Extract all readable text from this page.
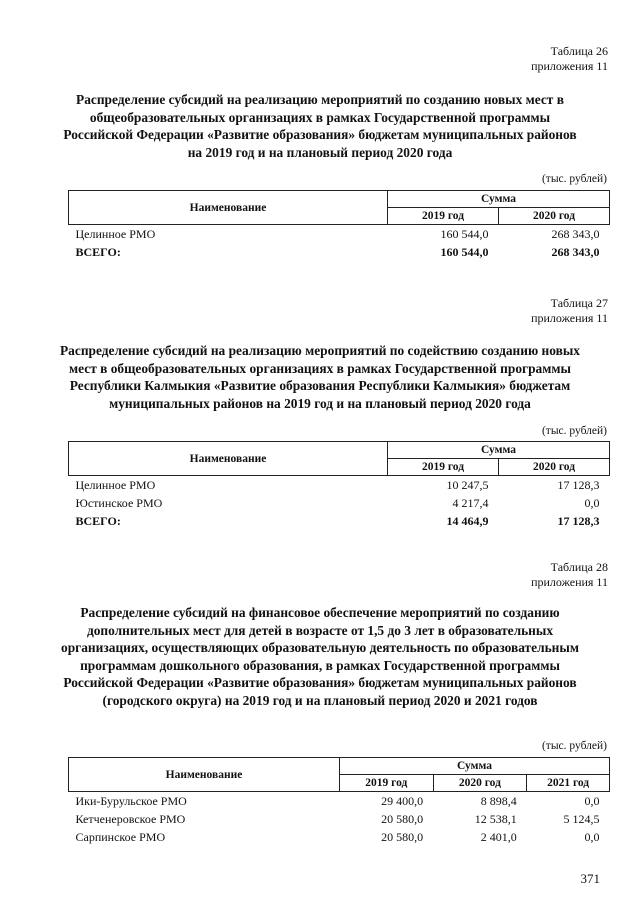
Таблица 26
приложения 11
Распределение субсидий на реализацию мероприятий по созданию новых мест в общеобразовательных организациях в рамках Государственной программы Российской Федерации «Развитие образования» бюджетам муниципальных районов на 2019 год и на плановый период 2020 года
(тыс. рублей)
Наименование	Сумма	
	2019 год	2020 год
Целинное РМО	160 544,0	268 343,0
ВСЕГО:	160 544,0	268 343,0
Таблица 27
приложения 11
Распределение субсидий на реализацию мероприятий по содействию созданию новых мест в общеобразовательных организациях в рамках Государственной программы Республики Калмыкия «Развитие образования Республики Калмыкия» бюджетам муниципальных районов на 2019 год и на плановый период 2020 года
(тыс. рублей)
Наименование	Сумма	
	2019 год	2020 год
Целинное РМО	10 247,5	17 128,3
Юстинское РМО	4 217,4	0,0
ВСЕГО:	14 464,9	17 128,3
Таблица 28
приложения 11
Распределение субсидий на финансовое обеспечение мероприятий по созданию дополнительных мест для детей в возрасте от 1,5 до 3 лет в образовательных организациях, осуществляющих образовательную деятельность по образовательным программам дошкольного образования, в рамках Государственной программы Российской Федерации «Развитие образования» бюджетам муниципальных районов (городского округа) на 2019 год и на плановый период 2020 и 2021 годов
(тыс. рублей)
Наименование	Сумма		
	2019 год	2020 год	2021 год
Ики-Бурульское РМО	29 400,0	8 898,4	0,0
Кетченеровское РМО	20 580,0	12 538,1	5 124,5
Сарпинское РМО	20 580,0	2 401,0	0,0
371
